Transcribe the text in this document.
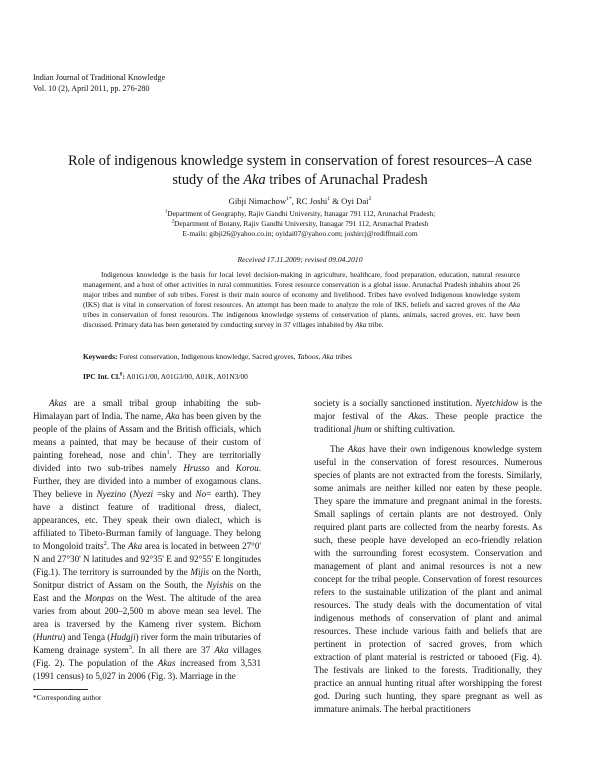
Indian Journal of Traditional Knowledge
Vol. 10 (2), April 2011, pp. 276-280
Role of indigenous knowledge system in conservation of forest resources–A case study of the Aka tribes of Arunachal Pradesh
Gibji Nimachow$^{1*}$, RC Joshi$^1$ & Oyi Dai$^2$
$^1$Department of Geography, Rajiv Gandhi University, Itanagar 791 112, Arunachal Pradesh;
$^2$Department of Botany, Rajiv Gandhi University, Itanagar 791 112, Arunachal Pradesh
E-mails: gibji26@yahoo.co.in; oyidai07@yahoo.com; joshircj@rediffmail.com
Received 17.11.2009; revised 09.04.2010
Indigenous knowledge is the basis for local level decision-making in agriculture, healthcare, food preparation, education, natural resource management, and a host of other activities in rural communities. Forest resource conservation is a global issue. Arunachal Pradesh inhabits about 26 major tribes and number of sub tribes. Forest is their main source of economy and livelihood. Tribes have evolved Indigenous knowledge system (IKS) that is vital in conservation of forest resources. An attempt has been made to analyze the role of IKS, beliefs and sacred groves of the Aka tribes in conservation of forest resources. The indigenous knowledge systems of conservation of plants, animals, sacred groves, etc. have been discussed. Primary data has been generated by conducting survey in 37 villages inhabited by Aka tribe.
Keywords: Forest conservation, Indigenous knowledge, Sacred groves, Taboos, Aka tribes
IPC Int. Cl.$^8$: A01G1/00, A01G3/00, A01K, A01N3/00

Akas are a small tribal group inhabiting the sub-Himalayan part of India. The name, Aka has been given by the people of the plains of Assam and the British officials, which means a painted, that may be because of their custom of painting forehead, nose and chin$^1$. They are territorially divided into two sub-tribes namely Hrusso and Korou. Further, they are divided into a number of exogamous clans. They believe in Nyezino (Nyezi =sky and No= earth). They have a distinct feature of traditional dress, dialect, appearances, etc. They speak their own dialect, which is affiliated to Tibeto-Burman family of language. They belong to Mongoloid traits$^2$. The Aka area is located in between 27°0' N and 27°30' N latitudes and 92°35' E and 92°55' E longitudes (Fig.1). The territory is surrounded by the Mijis on the North, Sonitpur district of Assam on the South, the Nyishis on the East and the Monpas on the West. The altitude of the area varies from about 200–2,500 m above mean sea level. The area is traversed by the Kameng river system. Bichom (Huntru) and Tenga (Hudgji) river form the main tributaries of Kameng drainage system$^3$. In all there are 37 Aka villages (Fig. 2). The population of the Akas increased from 3,531 (1991 census) to 5,027 in 2006 (Fig. 3). Marriage in the

society is a socially sanctioned institution. Nyetchidow is the major festival of the Akas. These people practice the traditional jhum or shifting cultivation.

The Akas have their own indigenous knowledge system useful in the conservation of forest resources. Numerous species of plants are not extracted from the forests. Similarly, some animals are neither killed nor eaten by these people. They spare the immature and pregnant animal in the forests. Small saplings of certain plants are not destroyed. Only required plant parts are collected from the nearby forests. As such, these people have developed an eco-friendly relation with the surrounding forest ecosystem. Conservation and management of plant and animal resources is not a new concept for the tribal people. Conservation of forest resources refers to the sustainable utilization of the plant and animal resources. The study deals with the documentation of vital indigenous methods of conservation of plant and animal resources. These include various faith and beliefs that are pertinent in protection of sacred groves, from which extraction of plant material is restricted or tabooed (Fig. 4). The festivals are linked to the forests. Traditionally, they practice an annual hunting ritual after worshipping the forest god. During such hunting, they spare pregnant as well as immature animals. The herbal practitioners

*Corresponding author
